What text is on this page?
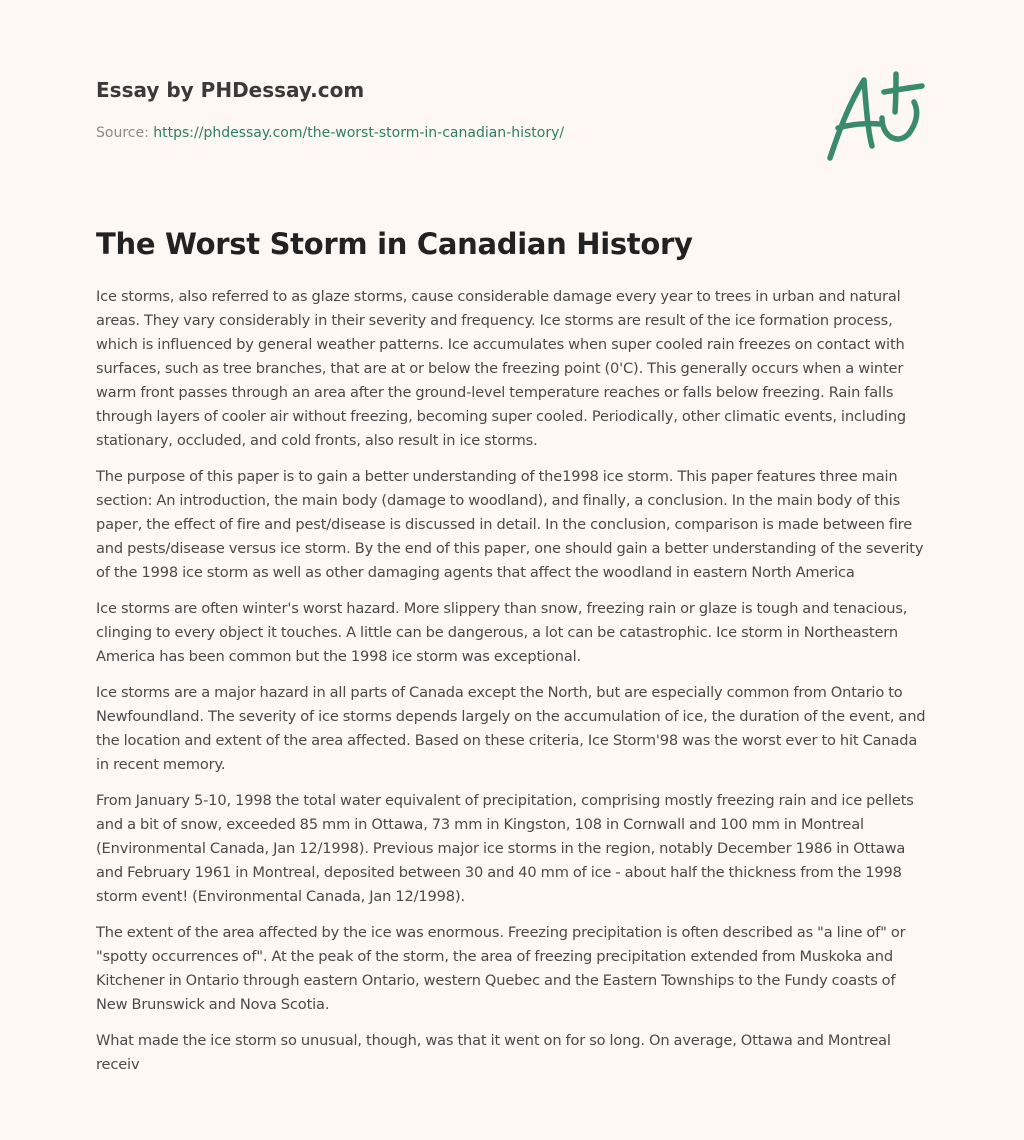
Essay by PHDessay.com
Source: https://phdessay.com/the-worst-storm-in-canadian-history/
The Worst Storm in Canadian History

Ice storms, also referred to as glaze storms, cause considerable damage every year to trees in urban and natural areas. They vary considerably in their severity and frequency. Ice storms are result of the ice formation process, which is influenced by general weather patterns. Ice accumulates when super cooled rain freezes on contact with surfaces, such as tree branches, that are at or below the freezing point (0'C). This generally occurs when a winter warm front passes through an area after the ground-level temperature reaches or falls below freezing. Rain falls through layers of cooler air without freezing, becoming super cooled. Periodically, other climatic events, including stationary, occluded, and cold fronts, also result in ice storms.

The purpose of this paper is to gain a better understanding of the1998 ice storm. This paper features three main section: An introduction, the main body (damage to woodland), and finally, a conclusion. In the main body of this paper, the effect of fire and pest/disease is discussed in detail. In the conclusion, comparison is made between fire and pests/disease versus ice storm. By the end of this paper, one should gain a better understanding of the severity of the 1998 ice storm as well as other damaging agents that affect the woodland in eastern North America

Ice storms are often winter's worst hazard. More slippery than snow, freezing rain or glaze is tough and tenacious, clinging to every object it touches. A little can be dangerous, a lot can be catastrophic. Ice storm in Northeastern America has been common but the 1998 ice storm was exceptional.

Ice storms are a major hazard in all parts of Canada except the North, but are especially common from Ontario to Newfoundland. The severity of ice storms depends largely on the accumulation of ice, the duration of the event, and the location and extent of the area affected. Based on these criteria, Ice Storm'98 was the worst ever to hit Canada in recent memory.

From January 5-10, 1998 the total water equivalent of precipitation, comprising mostly freezing rain and ice pellets and a bit of snow, exceeded 85 mm in Ottawa, 73 mm in Kingston, 108 in Cornwall and 100 mm in Montreal (Environmental Canada, Jan 12/1998). Previous major ice storms in the region, notably December 1986 in Ottawa and February 1961 in Montreal, deposited between 30 and 40 mm of ice - about half the thickness from the 1998 storm event! (Environmental Canada, Jan 12/1998).

The extent of the area affected by the ice was enormous. Freezing precipitation is often described as "a line of" or "spotty occurrences of". At the peak of the storm, the area of freezing precipitation extended from Muskoka and Kitchener in Ontario through eastern Ontario, western Quebec and the Eastern Townships to the Fundy coasts of New Brunswick and Nova Scotia.

What made the ice storm so unusual, though, was that it went on for so long. On average, Ottawa and Montreal receiv
